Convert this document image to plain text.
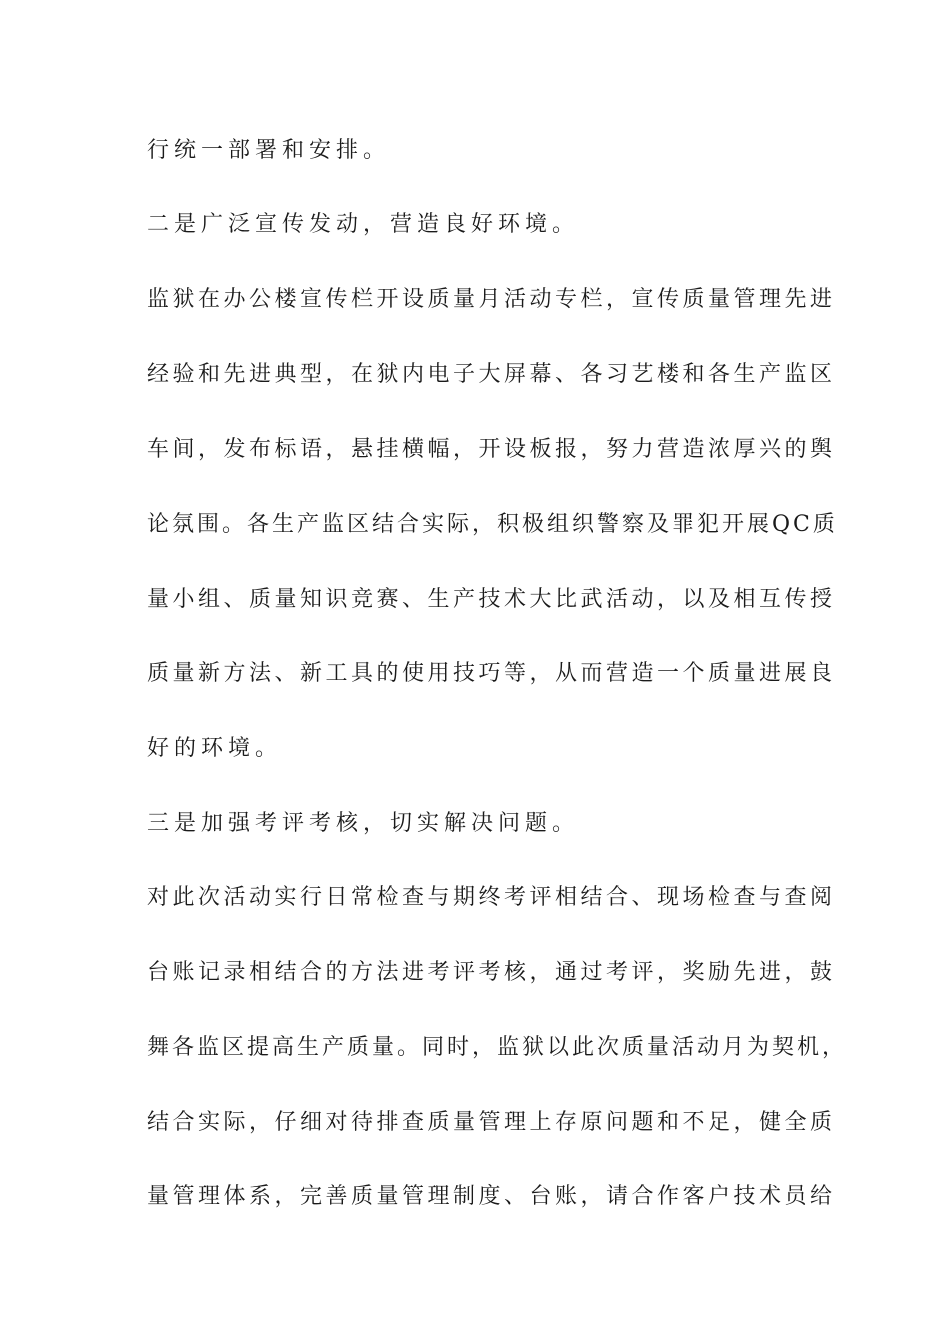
行统一部署和安排。
二是广泛宣传发动，营造良好环境。
监狱在办公楼宣传栏开设质量月活动专栏，宣传质量管理先进
经验和先进典型，在狱内电子大屏幕、各习艺楼和各生产监区
车间，发布标语，悬挂横幅，开设板报，努力营造浓厚兴的舆
论氛围。各生产监区结合实际，积极组织警察及罪犯开展QC质
量小组、质量知识竞赛、生产技术大比武活动，以及相互传授
质量新方法、新工具的使用技巧等，从而营造一个质量进展良
好的环境。
三是加强考评考核，切实解决问题。
对此次活动实行日常检查与期终考评相结合、现场检查与查阅
台账记录相结合的方法进考评考核，通过考评，奖励先进，鼓
舞各监区提高生产质量。同时，监狱以此次质量活动月为契机，
结合实际，仔细对待排查质量管理上存原问题和不足，健全质
量管理体系，完善质量管理制度、台账，请合作客户技术员给
